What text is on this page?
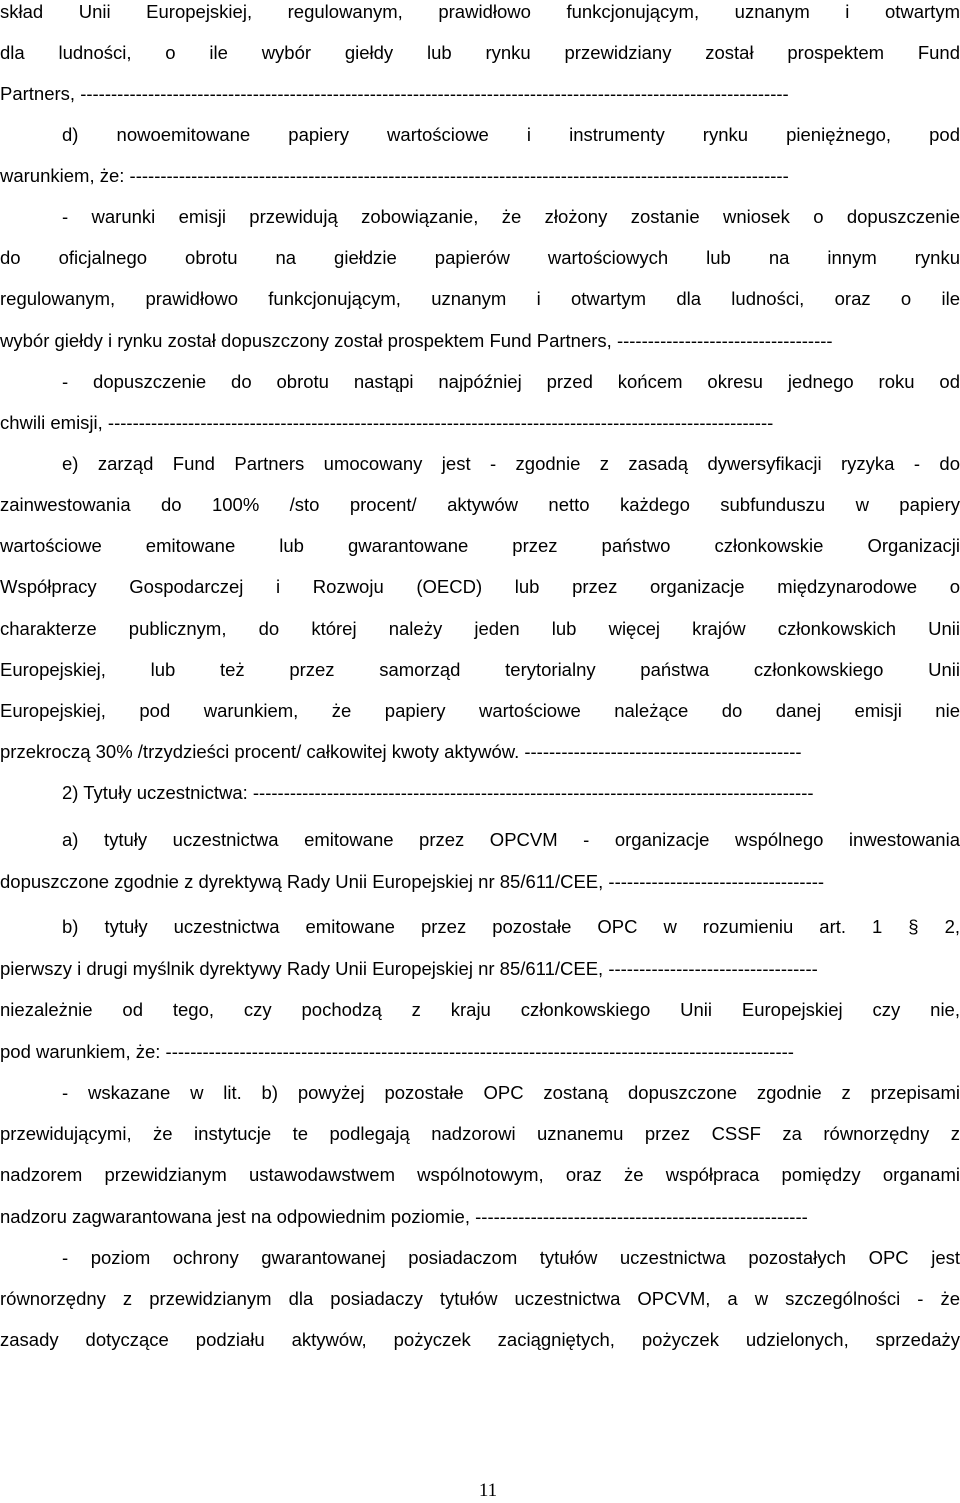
skład Unii Europejskiej, regulowanym, prawidłowo funkcjonującym, uznanym i otwartym
dla ludności, o ile wybór giełdy lub rynku przewidziany został prospektem Fund
Partners, -------------------------------------------------------------------------------------------------------------------
d) nowoemitowane papiery wartościowe i instrumenty rynku pieniężnego, pod
warunkiem, że: -----------------------------------------------------------------------------------------------------------
- warunki emisji przewidują zobowiązanie, że złożony zostanie wniosek o dopuszczenie
do oficjalnego obrotu na giełdzie papierów wartościowych lub na innym rynku
regulowanym, prawidłowo funkcjonującym, uznanym i otwartym dla ludności, oraz o ile
wybór giełdy i rynku został dopuszczony został prospektem Fund Partners, -----------------------------------
- dopuszczenie do obrotu nastąpi najpóźniej przed końcem okresu jednego roku od
chwili emisji, ------------------------------------------------------------------------------------------------------------
e) zarząd Fund Partners umocowany jest - zgodnie z zasadą dywersyfikacji ryzyka - do
zainwestowania do 100% /sto procent/ aktywów netto każdego subfunduszu w papiery
wartościowe emitowane lub gwarantowane przez państwo członkowskie Organizacji
Współpracy Gospodarczej i Rozwoju (OECD) lub przez organizacje międzynarodowe o
charakterze publicznym, do której należy jeden lub więcej krajów członkowskich Unii
Europejskiej, lub też przez samorząd terytorialny państwa członkowskiego Unii
Europejskiej, pod warunkiem, że papiery wartościowe należące do danej emisji nie
przekroczą 30% /trzydzieści procent/ całkowitej kwoty aktywów. ---------------------------------------------
2) Tytuły uczestnictwa: -------------------------------------------------------------------------------------------
a) tytuły uczestnictwa emitowane przez OPCVM - organizacje wspólnego inwestowania
dopuszczone zgodnie z dyrektywą Rady Unii Europejskiej nr 85/611/CEE, -----------------------------------
b) tytuły uczestnictwa emitowane przez pozostałe OPC w rozumieniu art. 1 § 2,
pierwszy i drugi myślnik dyrektywy Rady Unii Europejskiej nr 85/611/CEE, ----------------------------------
niezależnie od tego, czy pochodzą z kraju członkowskiego Unii Europejskiej czy nie,
pod warunkiem, że: ------------------------------------------------------------------------------------------------------
- wskazane w lit. b) powyżej pozostałe OPC zostaną dopuszczone zgodnie z przepisami
przewidującymi, że instytucje te podlegają nadzorowi uznanemu przez CSSF za równorzędny z
nadzorem przewidzianym ustawodawstwem wspólnotowym, oraz że współpraca pomiędzy organami
nadzoru zagwarantowana jest na odpowiednim poziomie, ------------------------------------------------------
- poziom ochrony gwarantowanej posiadaczom tytułów uczestnictwa pozostałych OPC jest
równorzędny z przewidzianym dla posiadaczy tytułów uczestnictwa OPCVM, a w szczególności - że
zasady dotyczące podziału aktywów, pożyczek zaciągniętych, pożyczek udzielonych, sprzedaży
11
